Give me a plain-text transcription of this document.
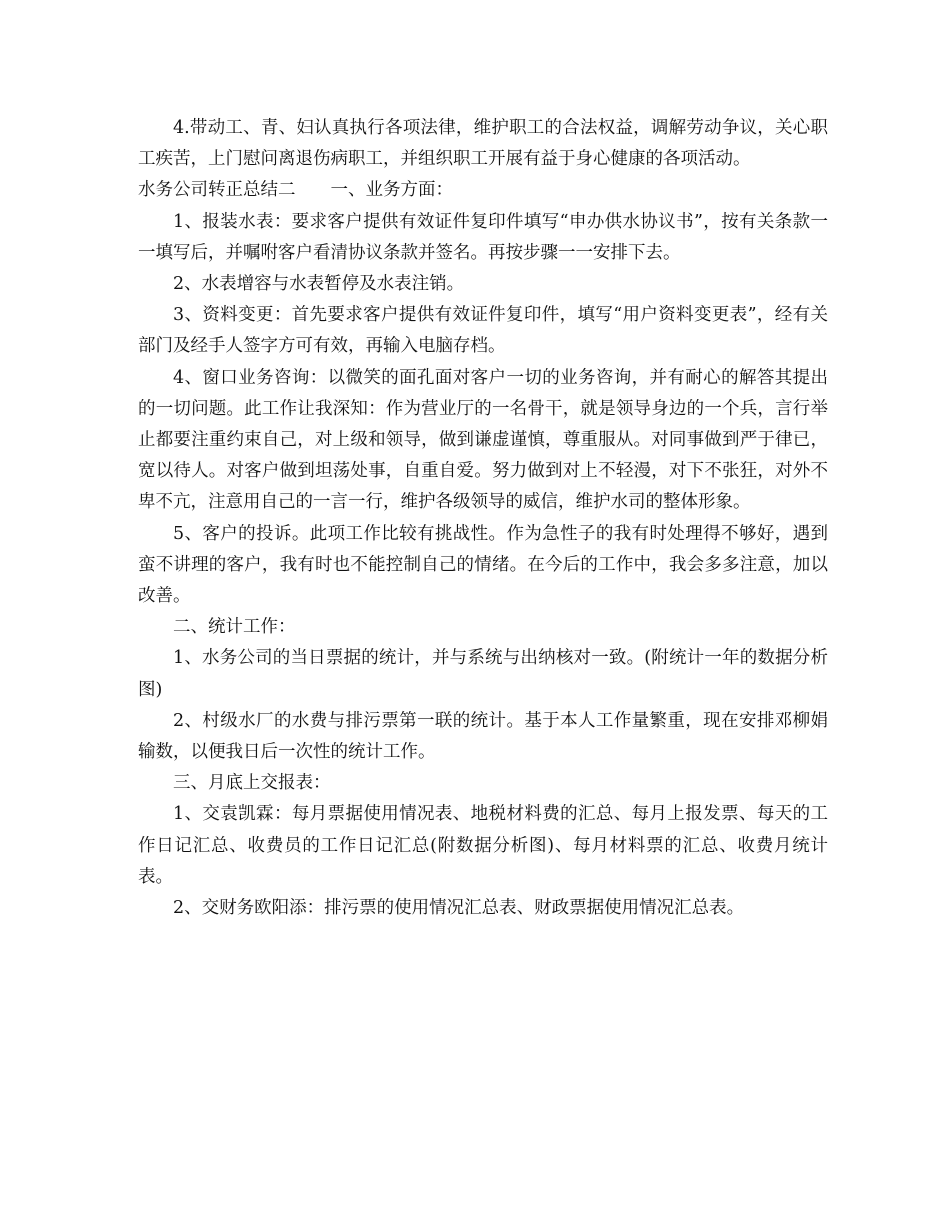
4.带动工、青、妇认真执行各项法律，维护职工的合法权益，调解劳动争议，关心职工疾苦，上门慰问离退伤病职工，并组织职工开展有益于身心健康的各项活动。

水务公司转正总结二　　一、业务方面：

1、报装水表：要求客户提供有效证件复印件填写“申办供水协议书”，按有关条款一一填写后，并嘱咐客户看清协议条款并签名。再按步骤一一安排下去。

2、水表增容与水表暂停及水表注销。

3、资料变更：首先要求客户提供有效证件复印件，填写“用户资料变更表”，经有关部门及经手人签字方可有效，再输入电脑存档。

4、窗口业务咨询：以微笑的面孔面对客户一切的业务咨询，并有耐心的解答其提出的一切问题。此工作让我深知：作为营业厅的一名骨干，就是领导身边的一个兵，言行举止都要注重约束自己，对上级和领导，做到谦虚谨慎，尊重服从。对同事做到严于律已，宽以待人。对客户做到坦荡处事，自重自爱。努力做到对上不轻漫，对下不张狂，对外不卑不亢，注意用自己的一言一行，维护各级领导的威信，维护水司的整体形象。

5、客户的投诉。此项工作比较有挑战性。作为急性子的我有时处理得不够好，遇到蛮不讲理的客户，我有时也不能控制自己的情绪。在今后的工作中，我会多多注意，加以改善。

二、统计工作：

1、水务公司的当日票据的统计，并与系统与出纳核对一致。(附统计一年的数据分析图)

2、村级水厂的水费与排污票第一联的统计。基于本人工作量繁重，现在安排邓柳娟输数，以便我日后一次性的统计工作。

三、月底上交报表：

1、交袁凯霖：每月票据使用情况表、地税材料费的汇总、每月上报发票、每天的工作日记汇总、收费员的工作日记汇总(附数据分析图)、每月材料票的汇总、收费月统计表。

2、交财务欧阳添：排污票的使用情况汇总表、财政票据使用情况汇总表。
